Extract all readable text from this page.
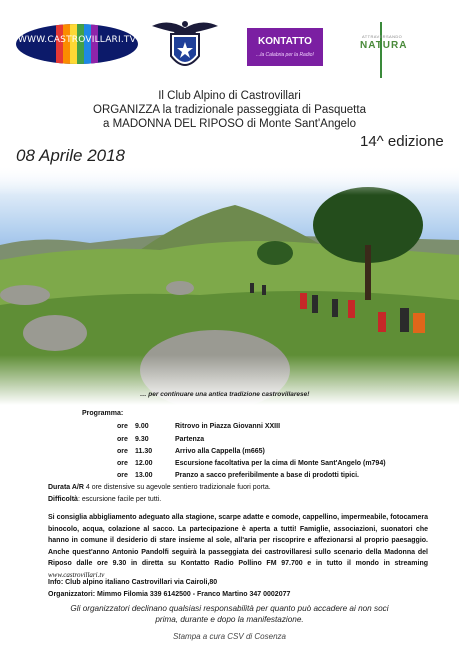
WWW.CASTROVILLARI.TV	KONTATTO
...la Calabria per la Radio!
ATTRAVERSANDO
NATURA
Il Club Alpino di Castrovillari
ORGANIZZA la tradizionale passeggiata di Pasquetta
a MADONNA DEL RIPOSO di Monte Sant'Angelo
14^ edizione
08 Aprile 2018
… per continuare una antica tradizione castrovillarese!
Programma:
ore 9.00	Ritrovo in Piazza Giovanni XXIII
ore 9.30	Partenza
ore 11.30	Arrivo alla Cappella (m665)
ore 12.00	Escursione facoltativa per la cima di Monte Sant'Angelo (m794)
ore 13.00	Pranzo a sacco preferibilmente a base di prodotti tipici.
Durata A/R 4 ore distensive su agevole sentiero tradizionale fuori porta.
Difficoltà: escursione facile per tutti.
Si consiglia abbigliamento adeguato alla stagione, scarpe adatte e comode, cappellino, impermeabile, fotocamera binocolo, acqua, colazione al sacco. La partecipazione è aperta a tutti! Famiglie, associazioni, suonatori che hanno in comune il desiderio di stare insieme al sole, all'aria per riscoprire e affezionarsi al proprio paesaggio. Anche quest'anno Antonio Pandolfi seguirà la passeggiata dei castrovillaresi sullo scenario della Madonna del Riposo dalle ore 9.30 in diretta su Kontatto Radio Pollino FM 97.700 e in tutto il mondo in streaming www.castrovillari.tv
Info: Club alpino italiano Castrovillari via Cairoli,80
Organizzatori: Mimmo Filomia 339 6142500 - Franco Martino 347 0002077
Gli organizzatori declinano qualsiasi responsabilità per quanto può accadere ai non soci
prima, durante e dopo la manifestazione.
Stampa a cura CSV di Cosenza
